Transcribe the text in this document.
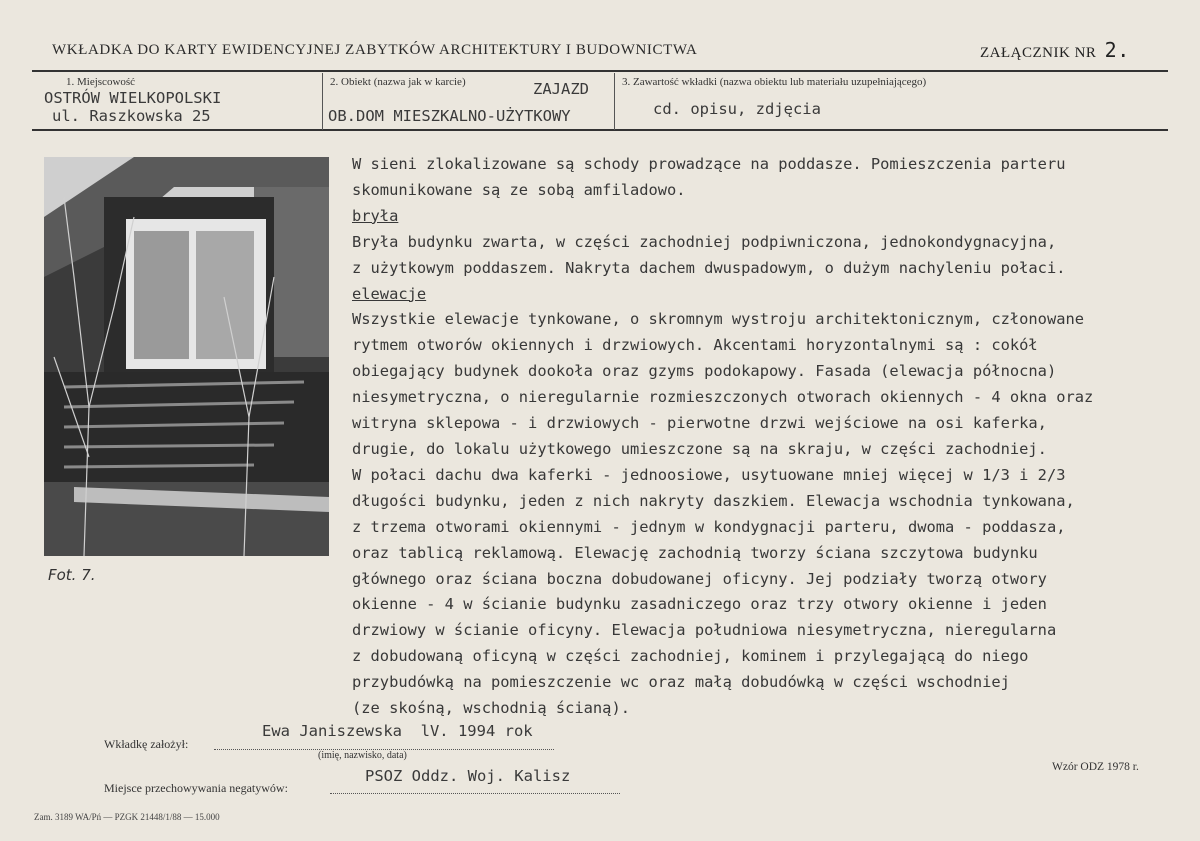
WKŁADKA DO KARTY EWIDENCYJNEJ ZABYTKÓW ARCHITEKTURY I BUDOWNICTWA	ZAŁĄCZNIK NR 2.
1. Miejscowość
OSTRÓW WIELKOPOLSKI
ul. Raszkowska 25
2. Obiekt (nazwa jak w karcie)	ZAJAZD
OB.DOM MIESZKALNO-UŻYTKOWY
3. Zawartość wkładki (nazwa obiektu lub materiału uzupełniającego)
cd. opisu, zdjęcia
Fot. 7.
W sieni zlokalizowane są schody prowadzące na poddasze. Pomieszczenia parteru
skomunikowane są ze sobą amfiladowo.
bryła
Bryła budynku zwarta, w części zachodniej podpiwniczona, jednokondygnacyjna,
z użytkowym poddaszem. Nakryta dachem dwuspadowym, o dużym nachyleniu połaci.
elewacje
Wszystkie elewacje tynkowane, o skromnym wystroju architektonicznym, członowane
rytmem otworów okiennych i drzwiowych. Akcentami horyzontalnymi są : cokół
obiegający budynek dookoła oraz gzyms podokapowy. Fasada (elewacja północna)
niesymetryczna, o nieregularnie rozmieszczonych otworach okiennych - 4 okna oraz
witryna sklepowa - i drzwiowych - pierwotne drzwi wejściowe na osi kaferka,
drugie, do lokalu użytkowego umieszczone są na skraju, w części zachodniej.
W połaci dachu dwa kaferki - jednoosiowe, usytuowane mniej więcej w 1/3 i 2/3
długości budynku, jeden z nich nakryty daszkiem. Elewacja wschodnia tynkowana,
z trzema otworami okiennymi - jednym w kondygnacji parteru, dwoma - poddasza,
oraz tablicą reklamową. Elewację zachodnią tworzy ściana szczytowa budynku
głównego oraz ściana boczna dobudowanej oficyny. Jej podziały tworzą otwory
okienne - 4 w ścianie budynku zasadniczego oraz trzy otwory okienne i jeden
drzwiowy w ścianie oficyny. Elewacja południowa niesymetryczna, nieregularna
z dobudowaną oficyną w części zachodniej, kominem i przylegającą do niego
przybudówką na pomieszczenie wc oraz małą dobudówką w części wschodniej
(ze skośną, wschodnią ścianą).
Wkładkę założył:
Ewa Janiszewska  lV. 1994 rok
(imię, nazwisko, data)
Miejsce przechowywania negatywów:
PSOZ Oddz. Woj. Kalisz	Wzór ODZ 1978 r.
Zam. 3189 WA/Pń — PZGK 21448/1/88 — 15.000
